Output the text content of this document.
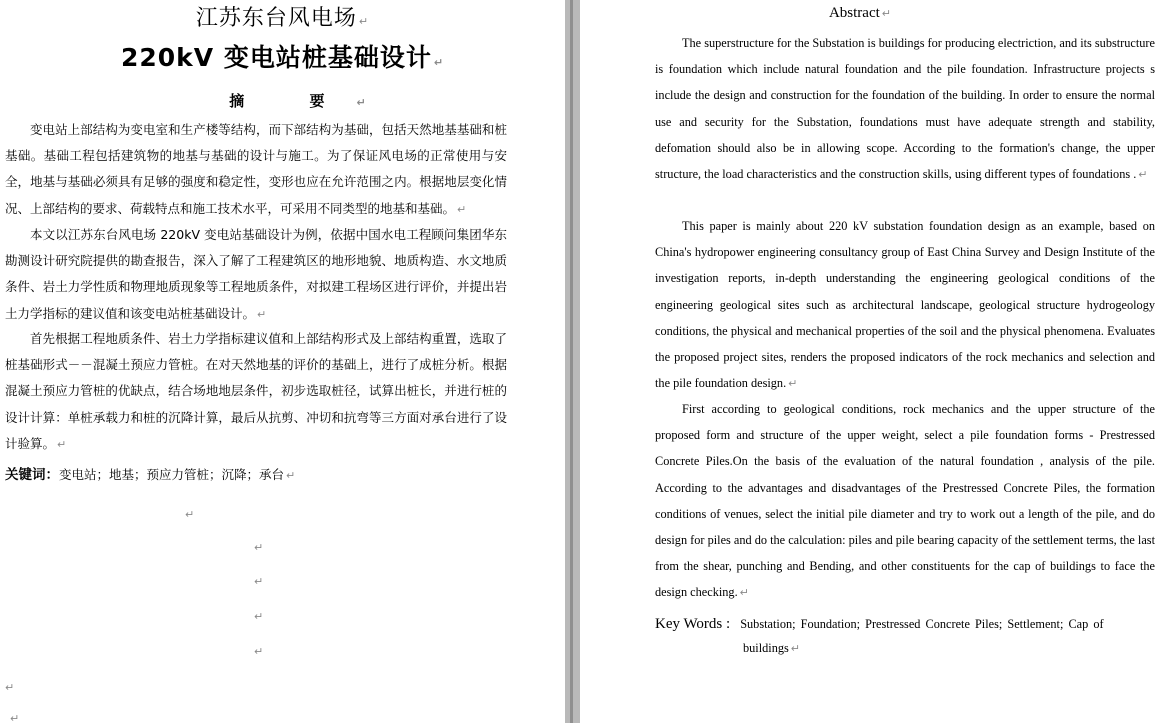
江苏东台风电场 ↵
220kV 变电站桩基础设计 ↵
摘 要 ↵
变电站上部结构为变电室和生产楼等结构，而下部结构为基础，包括天然地基基础和桩基础。基础工程包括建筑物的地基与基础的设计与施工。为了保证风电场的正常使用与安全，地基与基础必须具有足够的强度和稳定性，变形也应在允许范围之内。根据地层变化情况、上部结构的要求、荷载特点和施工技术水平，可采用不同类型的地基和基础。 ↵
本文以江苏东台风电场 220kV 变电站基础设计为例，依据中国水电工程顾问集团华东勘测设计研究院提供的勘查报告，深入了解了工程建筑区的地形地貌、地质构造、水文地质条件、岩土力学性质和物理地质现象等工程地质条件，对拟建工程场区进行评价，并提出岩土力学指标的建议值和该变电站桩基础设计。 ↵
首先根据工程地质条件、岩土力学指标建议值和上部结构形式及上部结构重置，选取了桩基础形式－－混凝土预应力管桩。在对天然地基的评价的基础上，进行了成桩分析。根据混凝土预应力管桩的优缺点，结合场地地层条件，初步选取桩径，试算出桩长，并进行桩的设计计算：单桩承载力和桩的沉降计算，最后从抗剪、冲切和抗弯等三方面对承台进行了设计验算。 ↵
关键词：变电站；地基；预应力管桩；沉降；承台 ↵
↵
↵
↵
↵
↵
↵
↵
Abstract ↵
The superstructure for the Substation is buildings for producing electriction, and its substructure is foundation which include natural foundation and the pile foundation. Infrastructure projects s include the design and construction for the foundation of the building. In order to ensure the normal use and security for the Substation, foundations must have adequate strength and stability, defomation should also be in allowing scope. According to the formation's change, the upper structure, the load characteristics and the construction skills, using different types of foundations . ↵
This paper is mainly about 220 kV substation foundation design as an example, based on China's hydropower engineering consultancy group of East China Survey and Design Institute of the investigation reports, in-depth understanding the engineering geological conditions of the engineering geological sites such as architectural landscape, geological structure hydrogeology conditions, the physical and mechanical properties of the soil and the physical phenomena. Evaluates the proposed project sites, renders the proposed indicators of the rock mechanics and selection and the pile foundation design. ↵
First according to geological conditions, rock mechanics and the upper structure of the proposed form and structure of the upper weight, select a pile foundation forms - Prestressed Concrete Piles.On the basis of the evaluation of the natural foundation , analysis of the pile. According to the advantages and disadvantages of the Prestressed Concrete Piles, the formation conditions of venues, select the initial pile diameter and try to work out a length of the pile, and do design for piles and do the calculation: piles and pile bearing capacity of the settlement terms, the last from the shear, punching and Bending, and other constituents for the cap of buildings to face the design checking. ↵
Key Words : Substation; Foundation; Prestressed Concrete Piles; Settlement; Cap of
buildings ↵
